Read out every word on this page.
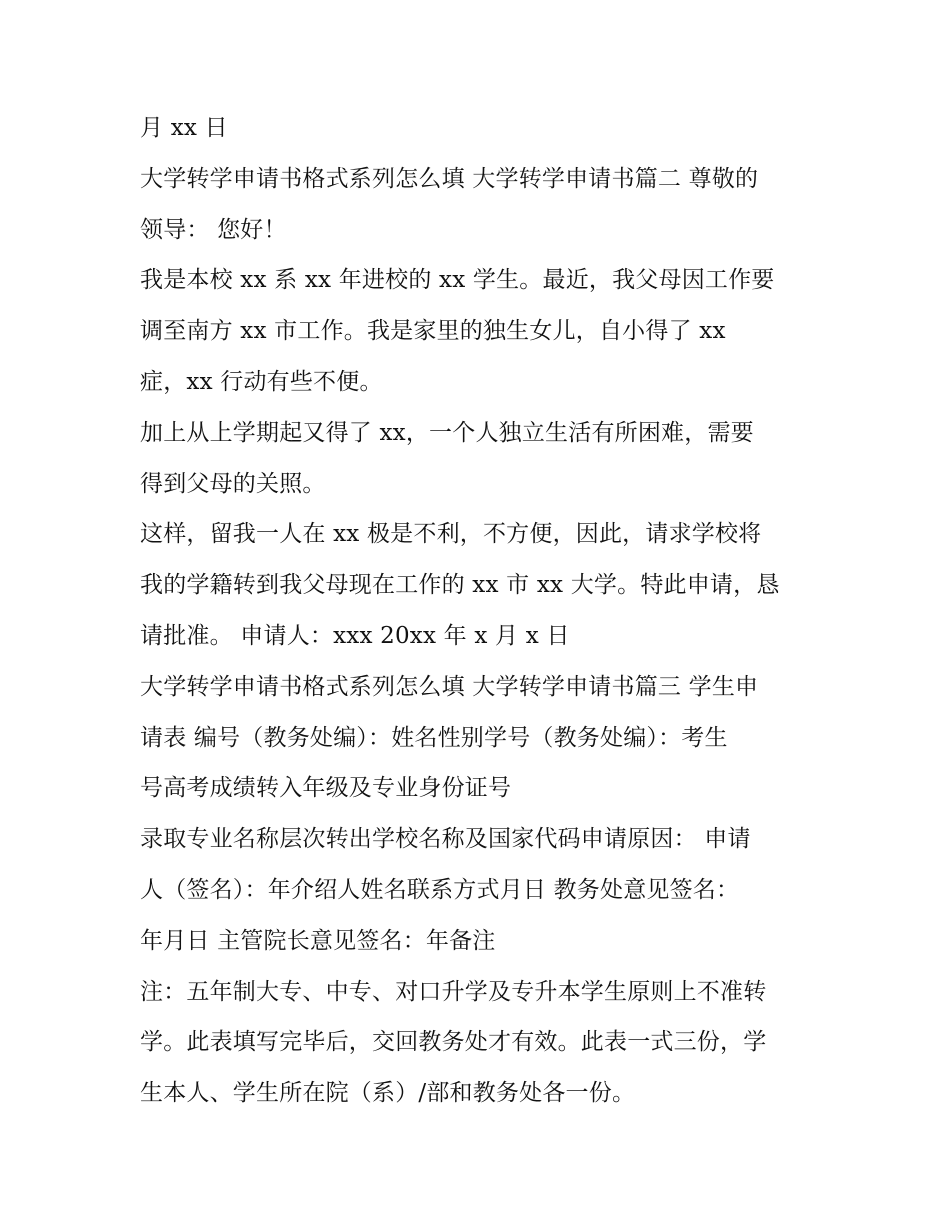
月 xx 日
大学转学申请书格式系列怎么填 大学转学申请书篇二 尊敬的
领导： 您好！
我是本校 xx 系 xx 年进校的 xx 学生。最近，我父母因工作要
调至南方 xx 市工作。我是家里的独生女儿，自小得了 xx
症，xx 行动有些不便。
加上从上学期起又得了 xx，一个人独立生活有所困难，需要
得到父母的关照。
这样，留我一人在 xx 极是不利，不方便，因此，请求学校将
我的学籍转到我父母现在工作的 xx 市 xx 大学。特此申请，恳
请批准。 申请人：xxx 20xx 年 x 月 x 日
大学转学申请书格式系列怎么填 大学转学申请书篇三 学生申
请表 编号（教务处编）：姓名性别学号（教务处编）：考生
号高考成绩转入年级及专业身份证号
录取专业名称层次转出学校名称及国家代码申请原因： 申请
人（签名）：年介绍人姓名联系方式月日 教务处意见签名：
年月日 主管院长意见签名：年备注
注：五年制大专、中专、对口升学及专升本学生原则上不准转
学。此表填写完毕后，交回教务处才有效。此表一式三份，学
生本人、学生所在院（系）/部和教务处各一份。
